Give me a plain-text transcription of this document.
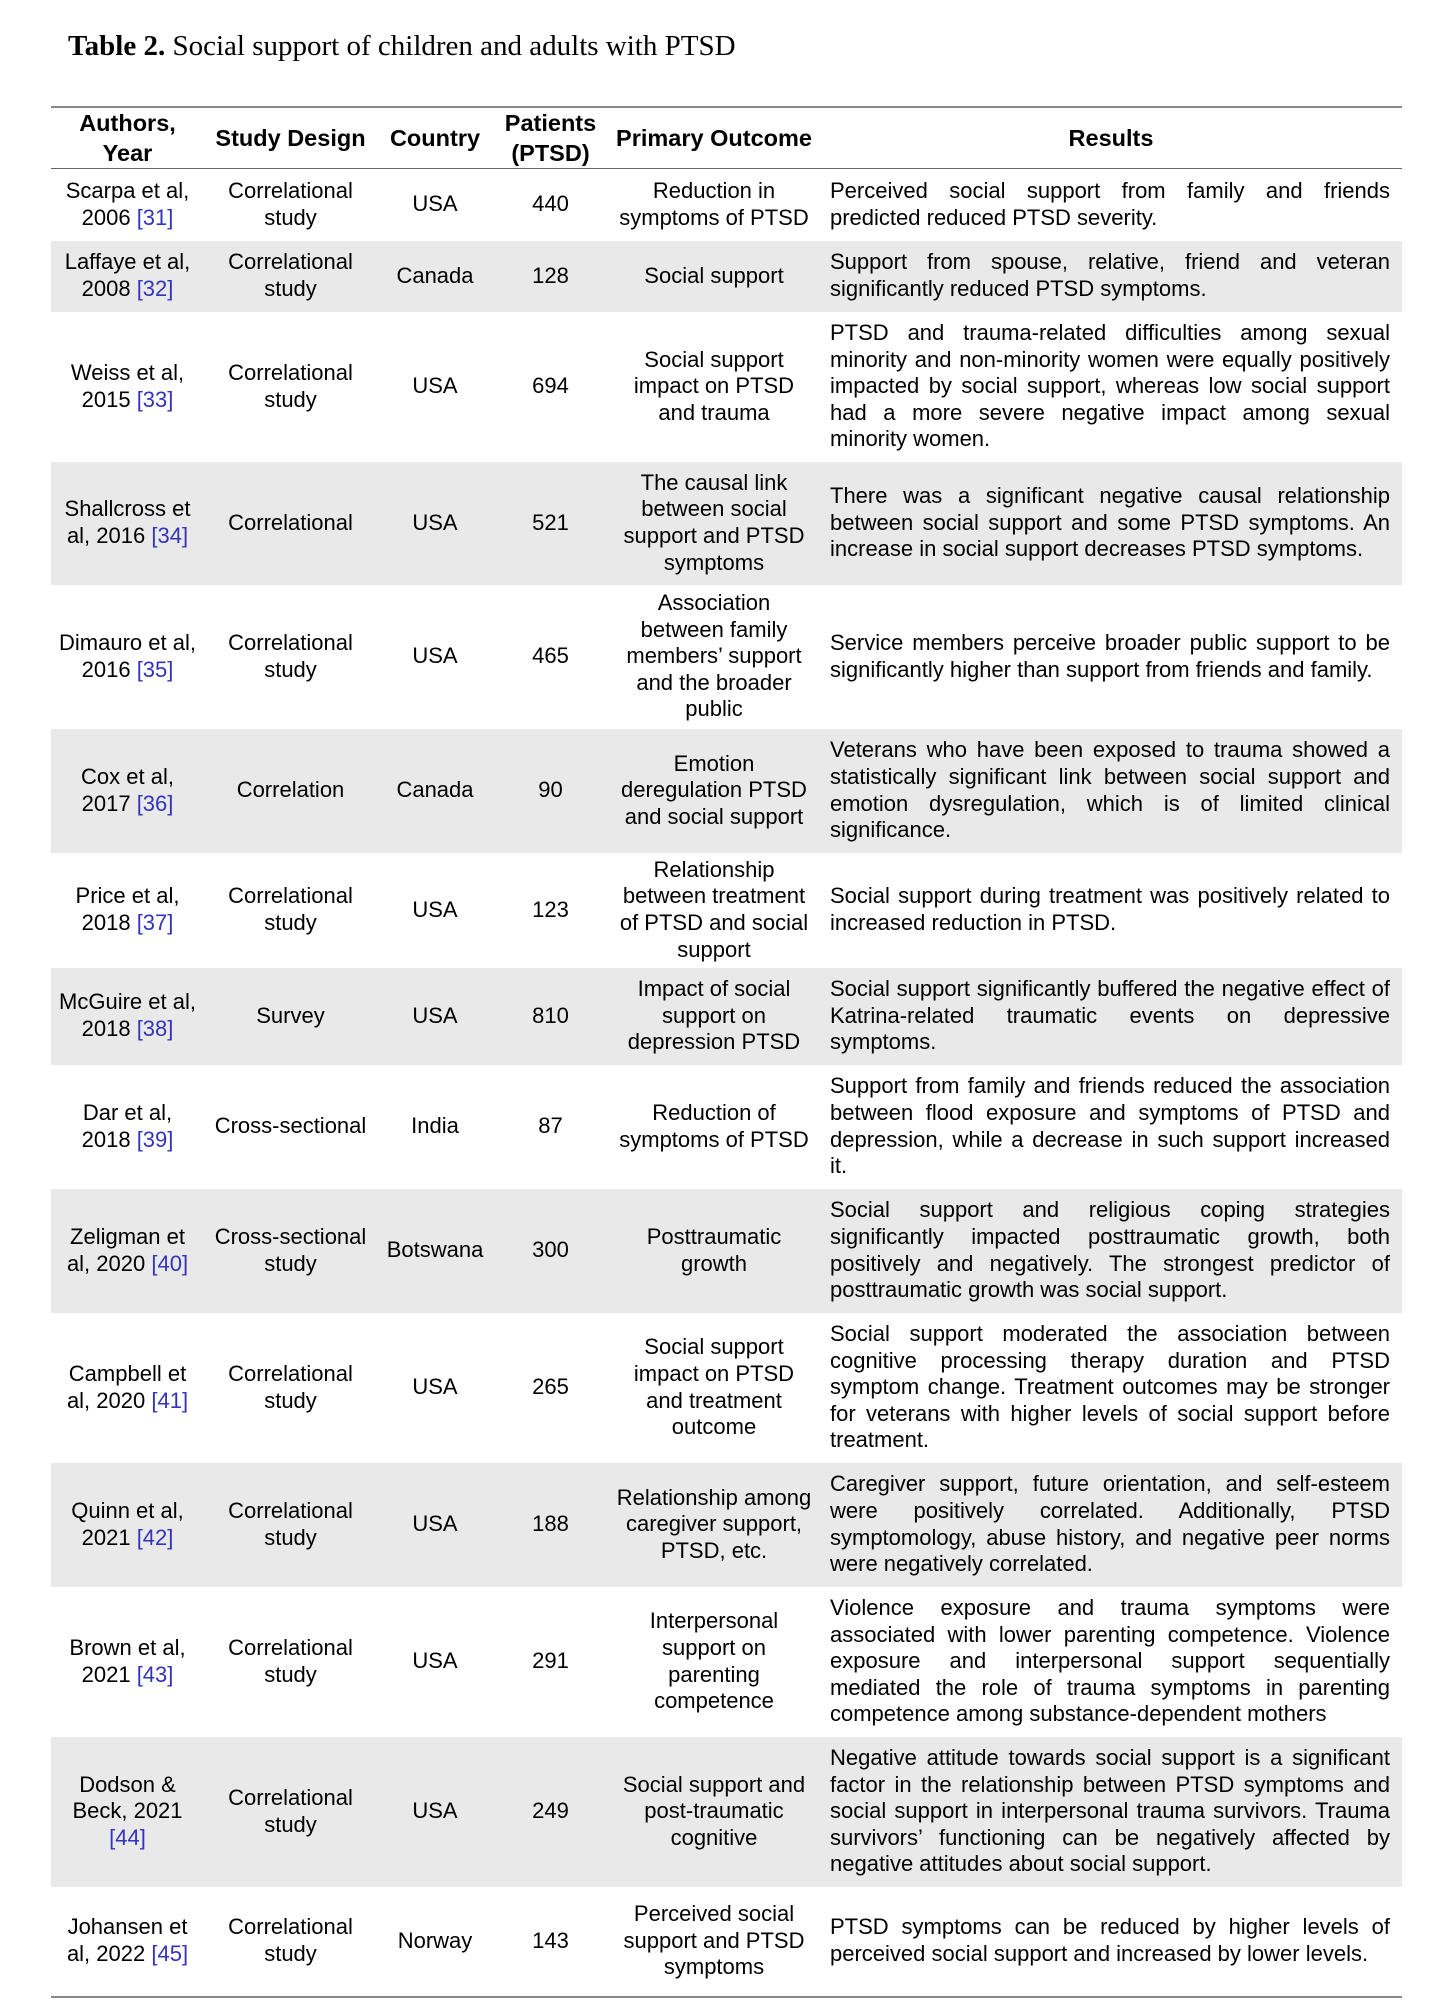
Table 2. Social support of children and adults with PTSD
Authors, Year	Study Design	Country	Patients (PTSD)	Primary Outcome	Results
Scarpa et al, 2006 [31]	Correlational study	USA	440	Reduction in symptoms of PTSD	Perceived social support from family and friends predicted reduced PTSD severity.
Laffaye et al, 2008 [32]	Correlational study	Canada	128	Social support	Support from spouse, relative, friend and veteran significantly reduced PTSD symptoms.
Weiss et al, 2015 [33]	Correlational study	USA	694	Social support impact on PTSD and trauma	PTSD and trauma-related difficulties among sexual minority and non-minority women were equally positively impacted by social support, whereas low social support had a more severe negative impact among sexual minority women.
Shallcross et al, 2016 [34]	Correlational	USA	521	The causal link between social support and PTSD symptoms	There was a significant negative causal relationship between social support and some PTSD symptoms. An increase in social support decreases PTSD symptoms.
Dimauro et al, 2016 [35]	Correlational study	USA	465	Association between family members’ support and the broader public	Service members perceive broader public support to be significantly higher than support from friends and family.
Cox et al, 2017 [36]	Correlation	Canada	90	Emotion deregulation PTSD and social support	Veterans who have been exposed to trauma showed a statistically significant link between social support and emotion dysregulation, which is of limited clinical significance.
Price et al, 2018 [37]	Correlational study	USA	123	Relationship between treatment of PTSD and social support	Social support during treatment was positively related to increased reduction in PTSD.
McGuire et al, 2018 [38]	Survey	USA	810	Impact of social support on depression PTSD	Social support significantly buffered the negative effect of Katrina-related traumatic events on depressive symptoms.
Dar et al, 2018 [39]	Cross-sectional	India	87	Reduction of symptoms of PTSD	Support from family and friends reduced the association between flood exposure and symptoms of PTSD and depression, while a decrease in such support increased it.
Zeligman et al, 2020 [40]	Cross-sectional study	Botswana	300	Posttraumatic growth	Social support and religious coping strategies significantly impacted posttraumatic growth, both positively and negatively. The strongest predictor of posttraumatic growth was social support.
Campbell et al, 2020 [41]	Correlational study	USA	265	Social support impact on PTSD and treatment outcome	Social support moderated the association between cognitive processing therapy duration and PTSD symptom change. Treatment outcomes may be stronger for veterans with higher levels of social support before treatment.
Quinn et al, 2021 [42]	Correlational study	USA	188	Relationship among caregiver support, PTSD, etc.	Caregiver support, future orientation, and self-esteem were positively correlated. Additionally, PTSD symptomology, abuse history, and negative peer norms were negatively correlated.
Brown et al, 2021 [43]	Correlational study	USA	291	Interpersonal support on parenting competence	Violence exposure and trauma symptoms were associated with lower parenting competence. Violence exposure and interpersonal support sequentially mediated the role of trauma symptoms in parenting competence among substance-dependent mothers
Dodson & Beck, 2021 [44]	Correlational study	USA	249	Social support and post-traumatic cognitive	Negative attitude towards social support is a significant factor in the relationship between PTSD symptoms and social support in interpersonal trauma survivors. Trauma survivors’ functioning can be negatively affected by negative attitudes about social support.
Johansen et al, 2022 [45]	Correlational study	Norway	143	Perceived social support and PTSD symptoms	PTSD symptoms can be reduced by higher levels of perceived social support and increased by lower levels.
